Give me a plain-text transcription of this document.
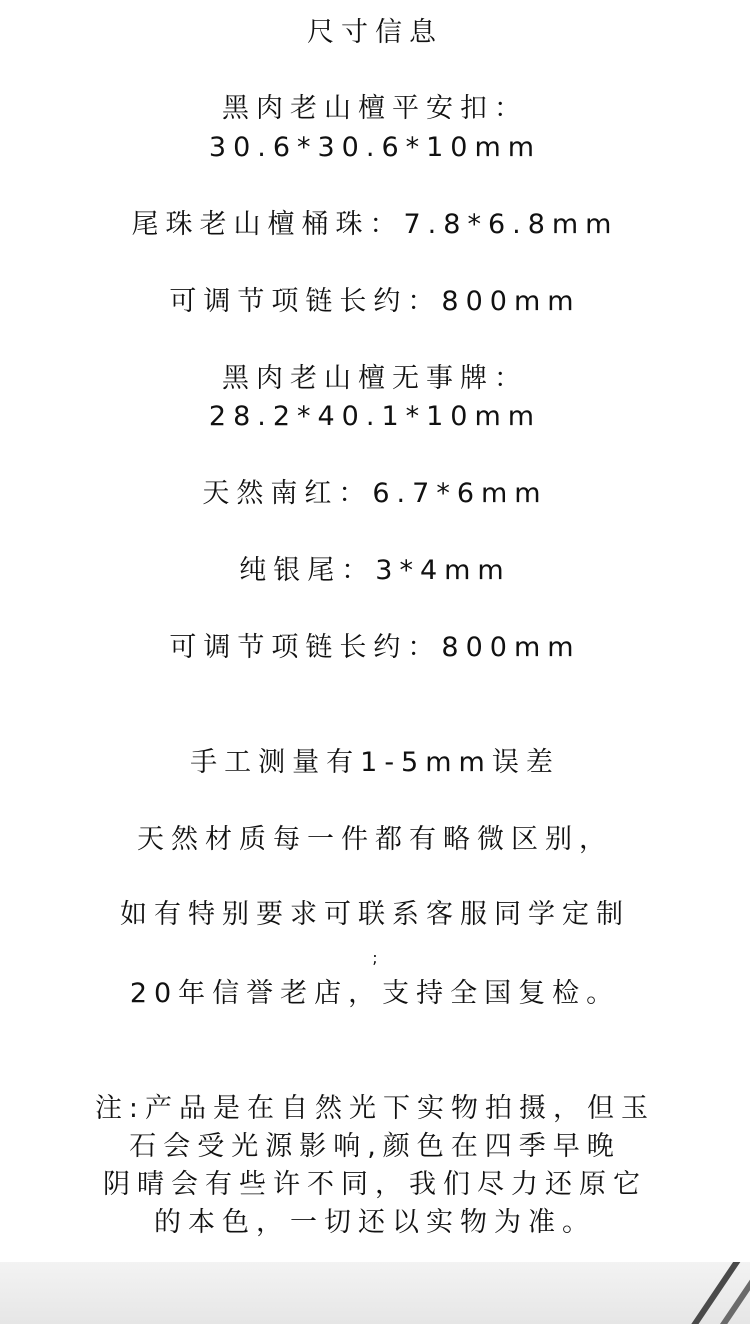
尺寸信息
黑肉老山檀平安扣：
30.6*30.6*10mm
尾珠老山檀桶珠：7.8*6.8mm
可调节项链长约：800mm
黑肉老山檀无事牌：
28.2*40.1*10mm
天然南红：6.7*6mm
纯银尾：3*4mm
可调节项链长约：800mm
手工测量有1-5mm误差
天然材质每一件都有略微区别，
如有特别要求可联系客服同学定制
;
20年信誉老店，支持全国复检。
注:产品是在自然光下实物拍摄，但玉
石会受光源影响,颜色在四季早晚
阴晴会有些许不同，我们尽力还原它
的本色，一切还以实物为准。
